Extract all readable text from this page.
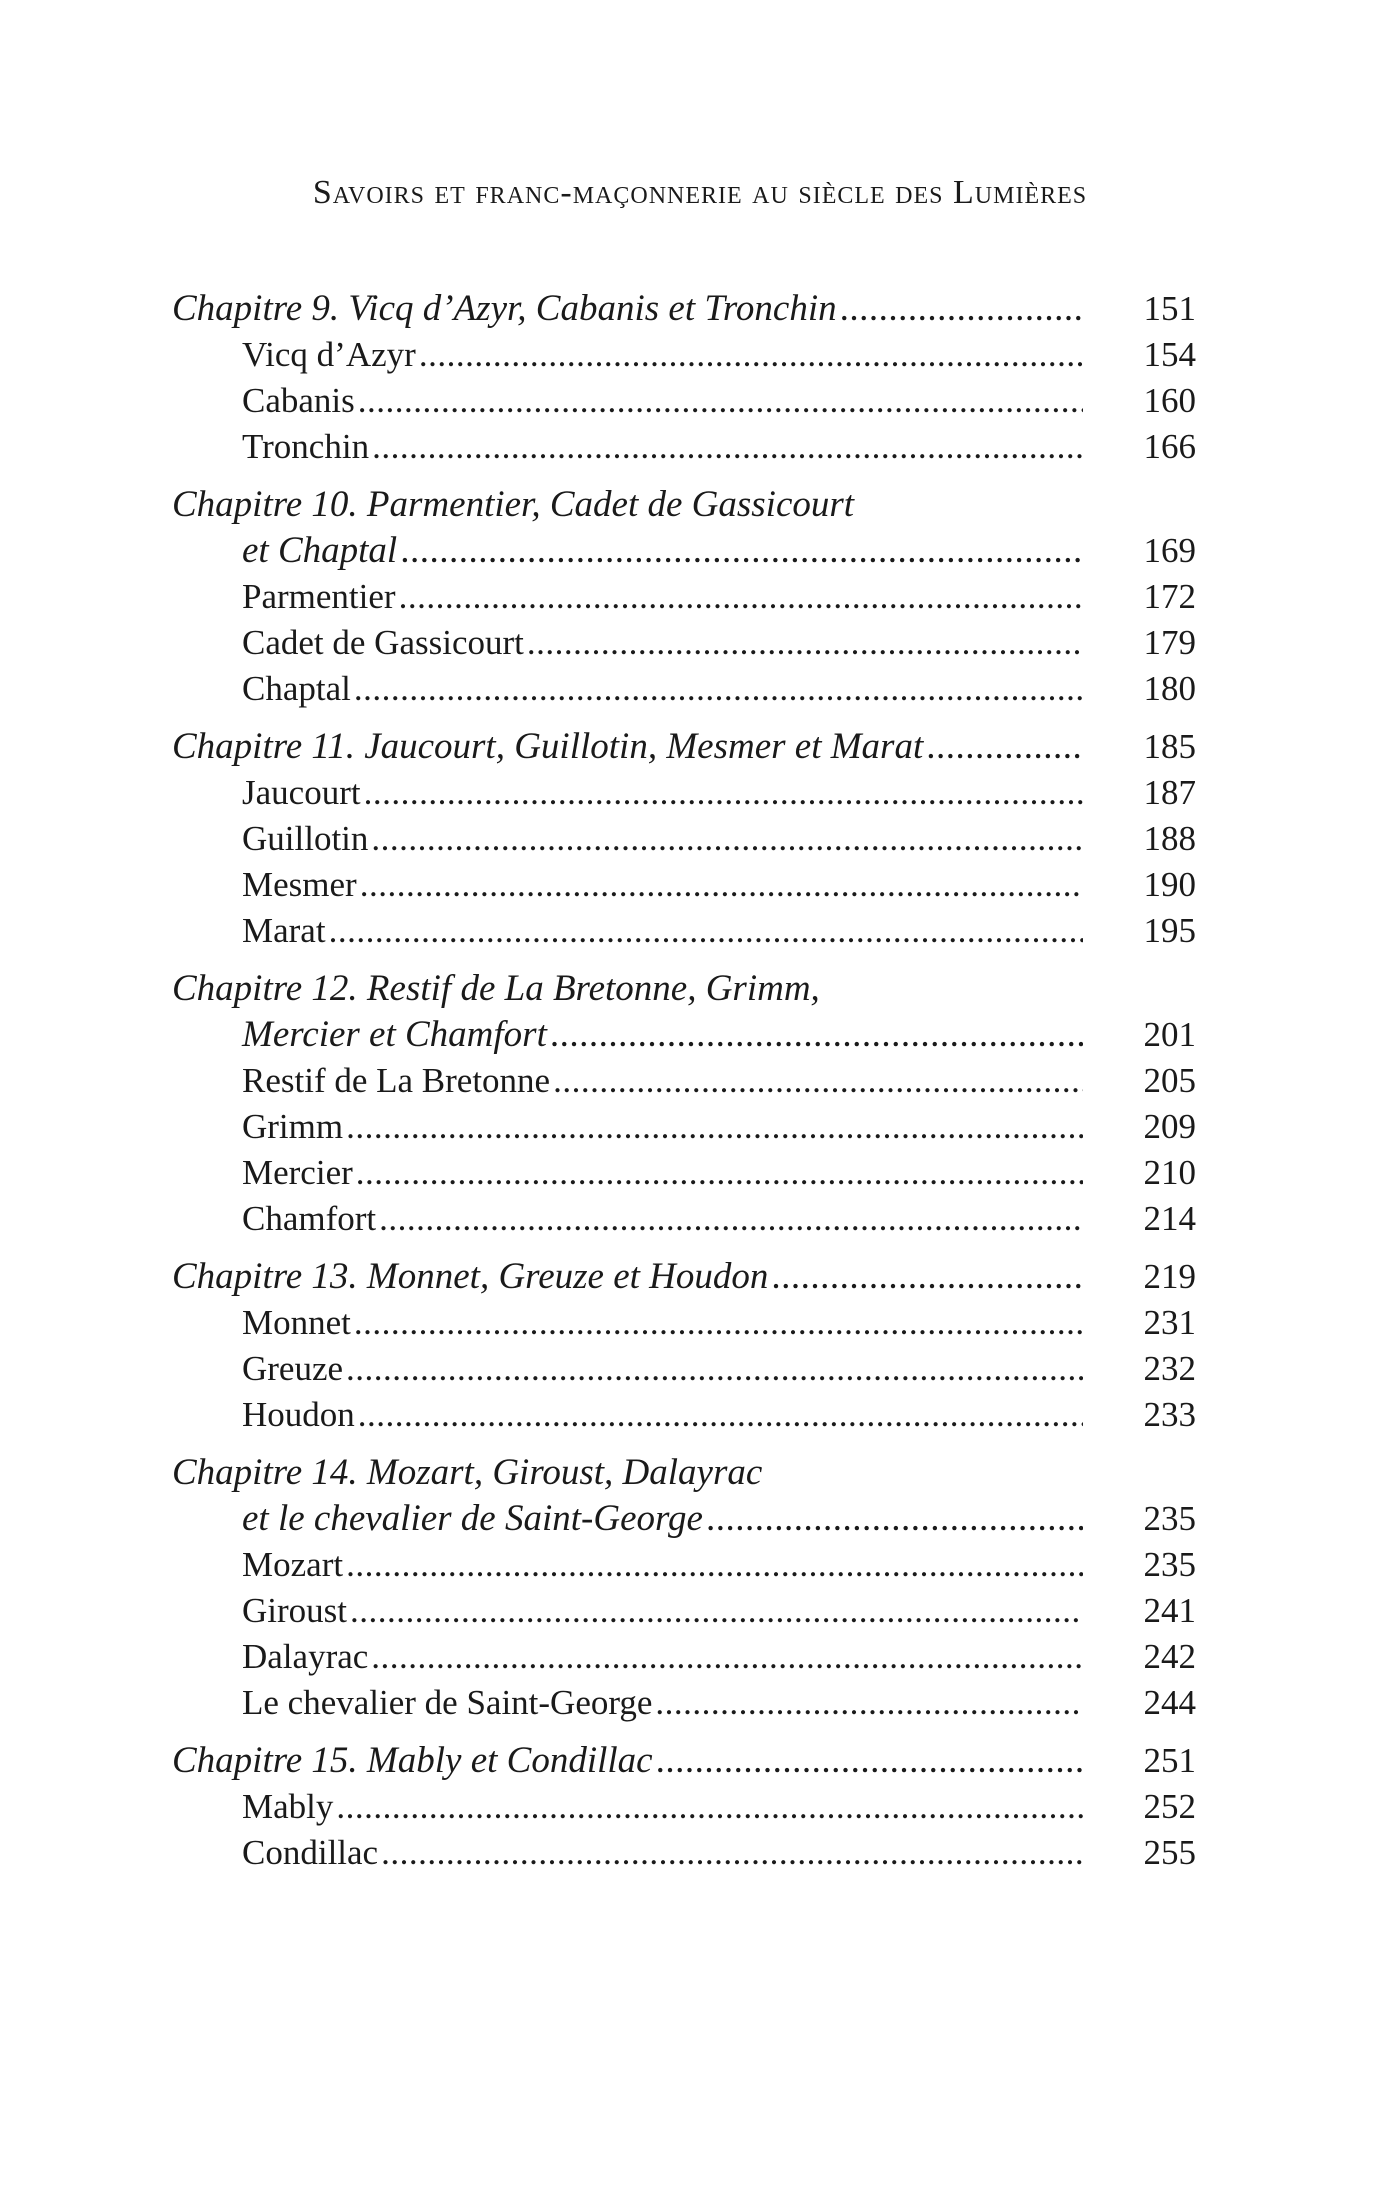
Savoirs et franc-maçonnerie au siècle des Lumières
Chapitre 9. Vicq d’Azyr, Cabanis et Tronchin .....	151
Vicq d’Azyr .....	154
Cabanis .....	160
Tronchin .....	166
Chapitre 10. Parmentier, Cadet de Gassicourt
et Chaptal .....	169
Parmentier .....	172
Cadet de Gassicourt .....	179
Chaptal .....	180
Chapitre 11. Jaucourt, Guillotin, Mesmer et Marat .....	185
Jaucourt .....	187
Guillotin .....	188
Mesmer .....	190
Marat .....	195
Chapitre 12. Restif de La Bretonne, Grimm,
Mercier et Chamfort .....	201
Restif de La Bretonne .....	205
Grimm .....	209
Mercier .....	210
Chamfort .....	214
Chapitre 13. Monnet, Greuze et Houdon .....	219
Monnet .....	231
Greuze .....	232
Houdon .....	233
Chapitre 14. Mozart, Giroust, Dalayrac
et le chevalier de Saint-George .....	235
Mozart .....	235
Giroust .....	241
Dalayrac .....	242
Le chevalier de Saint-George .....	244
Chapitre 15. Mably et Condillac .....	251
Mably .....	252
Condillac .....	255
